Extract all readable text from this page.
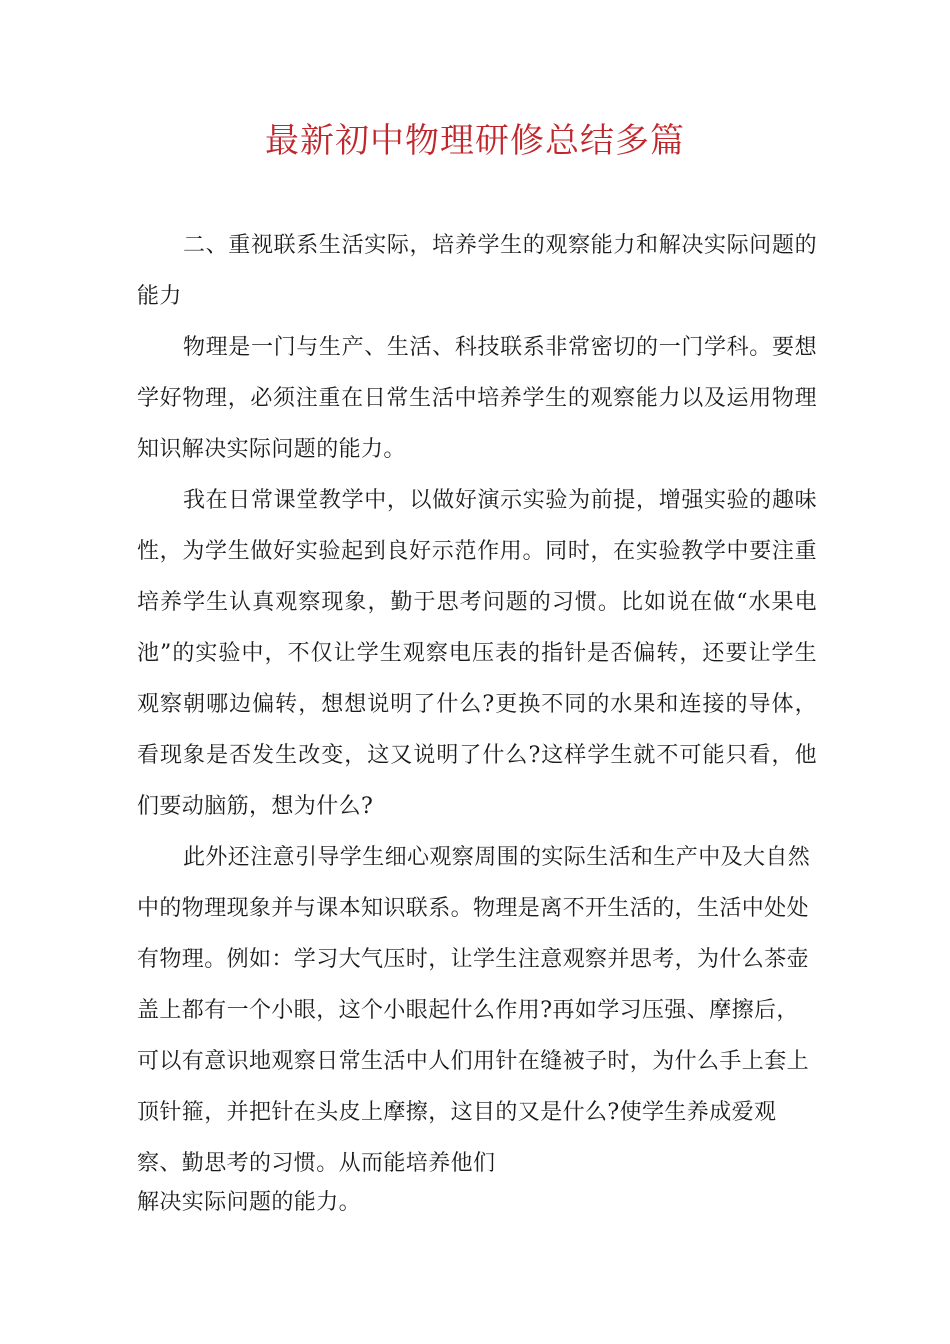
最新初中物理研修总结多篇

二、重视联系生活实际，培养学生的观察能力和解决实际问题的能力

物理是一门与生产、生活、科技联系非常密切的一门学科。要想学好物理，必须注重在日常生活中培养学生的观察能力以及运用物理知识解决实际问题的能力。

我在日常课堂教学中，以做好演示实验为前提，增强实验的趣味性，为学生做好实验起到良好示范作用。同时，在实验教学中要注重培养学生认真观察现象，勤于思考问题的习惯。比如说在做“水果电池”的实验中，不仅让学生观察电压表的指针是否偏转，还要让学生观察朝哪边偏转，想想说明了什么?更换不同的水果和连接的导体，看现象是否发生改变，这又说明了什么?这样学生就不可能只看，他们要动脑筋，想为什么?

此外还注意引导学生细心观察周围的实际生活和生产中及大自然中的物理现象并与课本知识联系。物理是离不开生活的，生活中处处有物理。例如：学习大气压时，让学生注意观察并思考，为什么茶壶盖上都有一个小眼，这个小眼起什么作用?再如学习压强、摩擦后，可以有意识地观察日常生活中人们用针在缝被子时，为什么手上套上顶针箍，并把针在头皮上摩擦，这目的又是什么?使学生养成爱观察、勤思考的习惯。从而能培养他们

解决实际问题的能力。
